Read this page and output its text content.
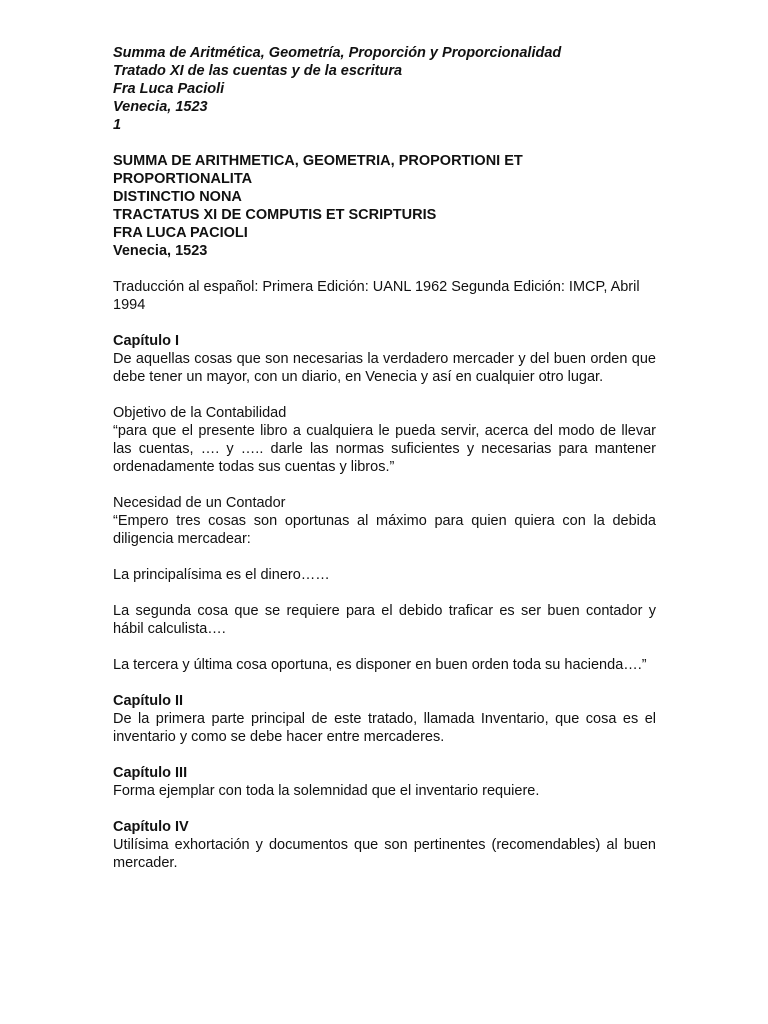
Summa de Aritmética, Geometría, Proporción y Proporcionalidad

Tratado XI de las cuentas y de la escritura

Fra Luca Pacioli

Venecia, 1523

1

SUMMA DE ARITHMETICA, GEOMETRIA, PROPORTIONI ET

PROPORTIONALITA

DISTINCTIO NONA

TRACTATUS XI DE COMPUTIS ET SCRIPTURIS

FRA LUCA PACIOLI

Venecia, 1523

Traducción al español: Primera Edición: UANL 1962 Segunda Edición: IMCP, Abril 1994

Capítulo I

De aquellas cosas que son necesarias la verdadero mercader y del buen orden que debe tener un mayor, con un diario, en Venecia y así en cualquier otro lugar.

Objetivo de la Contabilidad

“para que el presente libro a cualquiera le pueda servir, acerca del modo de llevar las cuentas, …. y ….. darle las normas suficientes y necesarias para mantener ordenadamente todas sus cuentas y libros.”

Necesidad de un Contador

“Empero tres cosas son oportunas al máximo para quien quiera con la debida diligencia mercadear:

La principalísima es el dinero……

La segunda cosa que se requiere para el debido traficar es ser buen contador y hábil calculista….

La tercera y última cosa oportuna, es disponer en buen orden toda su hacienda….”

Capítulo II

De la primera parte principal de este tratado, llamada Inventario, que cosa es el inventario y como se debe hacer entre mercaderes.

Capítulo III

Forma ejemplar con toda la solemnidad que el inventario requiere.

Capítulo IV

Utilísima exhortación y documentos que son pertinentes (recomendables) al buen mercader.
